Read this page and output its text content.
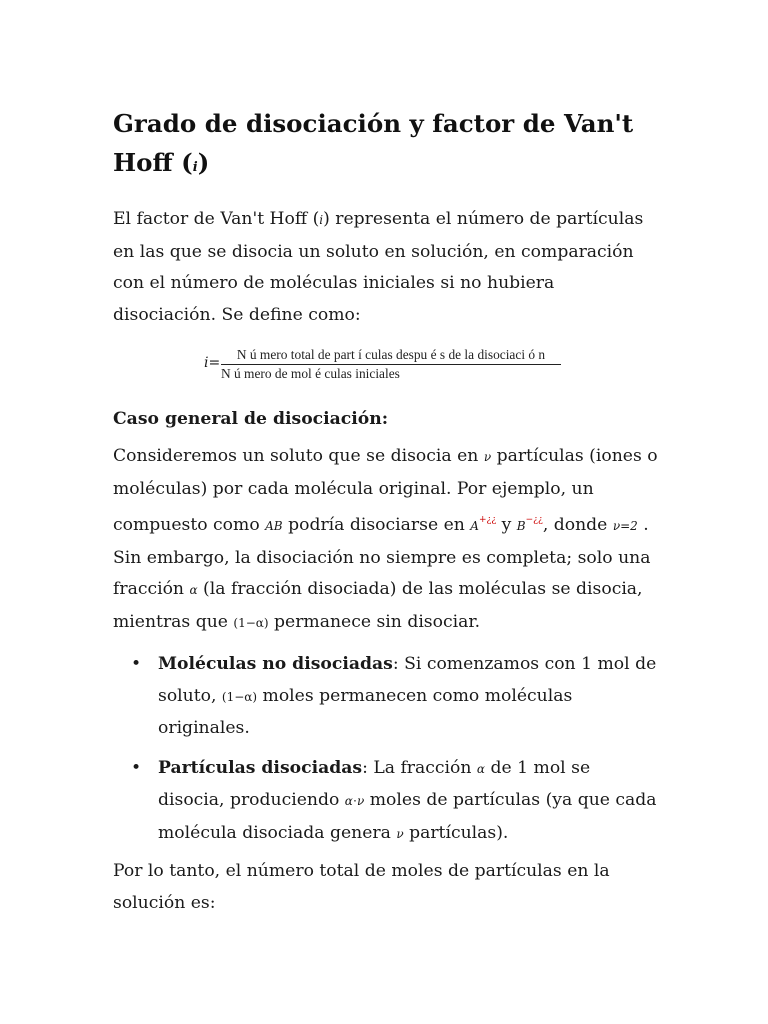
Grado de disociación y factor de Van't Hoff (i)

El factor de Van't Hoff (i) representa el número de partículas en las que se disocia un soluto en solución, en comparación con el número de moléculas iniciales si no hubiera disociación. Se define como:

i=
N ú mero total de part í culas despu é s de la disociaci ó n
N ú mero de mol é culas iniciales
Caso general de disociación:

Consideremos un soluto que se disocia en ν partículas (iones o moléculas) por cada molécula original. Por ejemplo, un compuesto como AB podría disociarse en A+¿¿ y B−¿¿, donde ν=2 . Sin embargo, la disociación no siempre es completa; solo una fracción α (la fracción disociada) de las moléculas se disocia, mientras que (1−α) permanece sin disociar.

• Moléculas no disociadas: Si comenzamos con 1 mol de soluto, (1−α) moles permanecen como moléculas originales.
• Partículas disociadas: La fracción α de 1 mol se disocia, produciendo α⋅ν moles de partículas (ya que cada molécula disociada genera ν partículas).

Por lo tanto, el número total de moles de partículas en la solución es:
